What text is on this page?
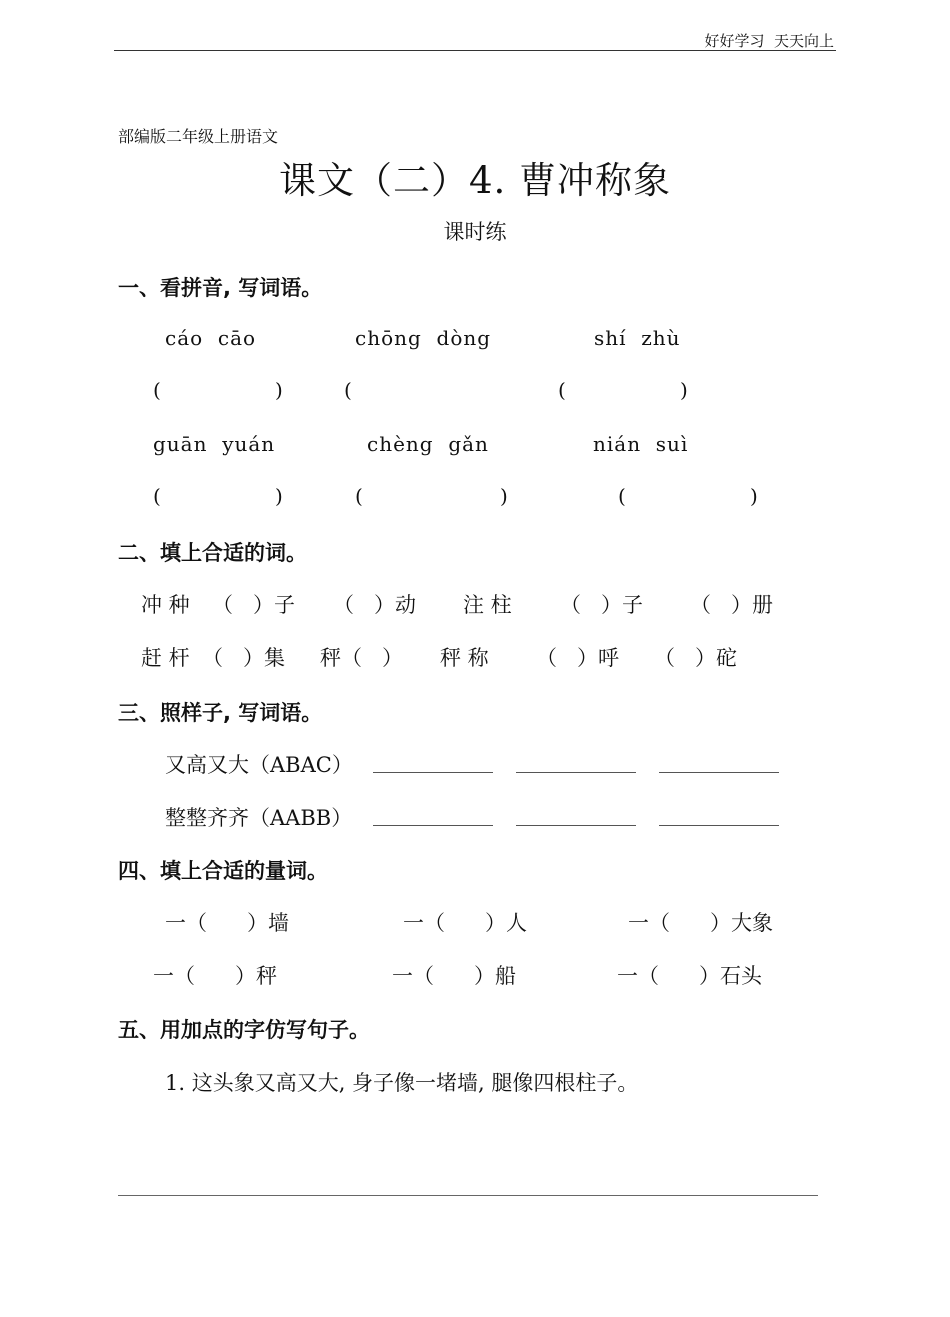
好好学习  天天向上
部编版二年级上册语文
课文（二）4. 曹冲称象
课时练
一、看拼音, 写词语。
cáo  cāo	chōng  dòng	shí  zhù
(	)	(	(	)
guān  yuán	chèng  gǎn	nián  suì
(	)	(	)	(	)
二、填上合适的词。
冲 种 （   ）子 （   ）动 注 柱 （   ）子 （   ）册
赶 杆 （   ）集 秤（   ） 秤 称 （   ）呼 （   ）砣
三、照样子, 写词语。
又高又大（ABAC）
整整齐齐（AABB）
四、填上合适的量词。
一（      ）墙	一（      ）人	一（      ）大象
一（      ）秤	一（      ）船	一（      ）石头
五、用加点的字仿写句子。
1. 这头象又高又大, 身子像一堵墙, 腿像四根柱子。
